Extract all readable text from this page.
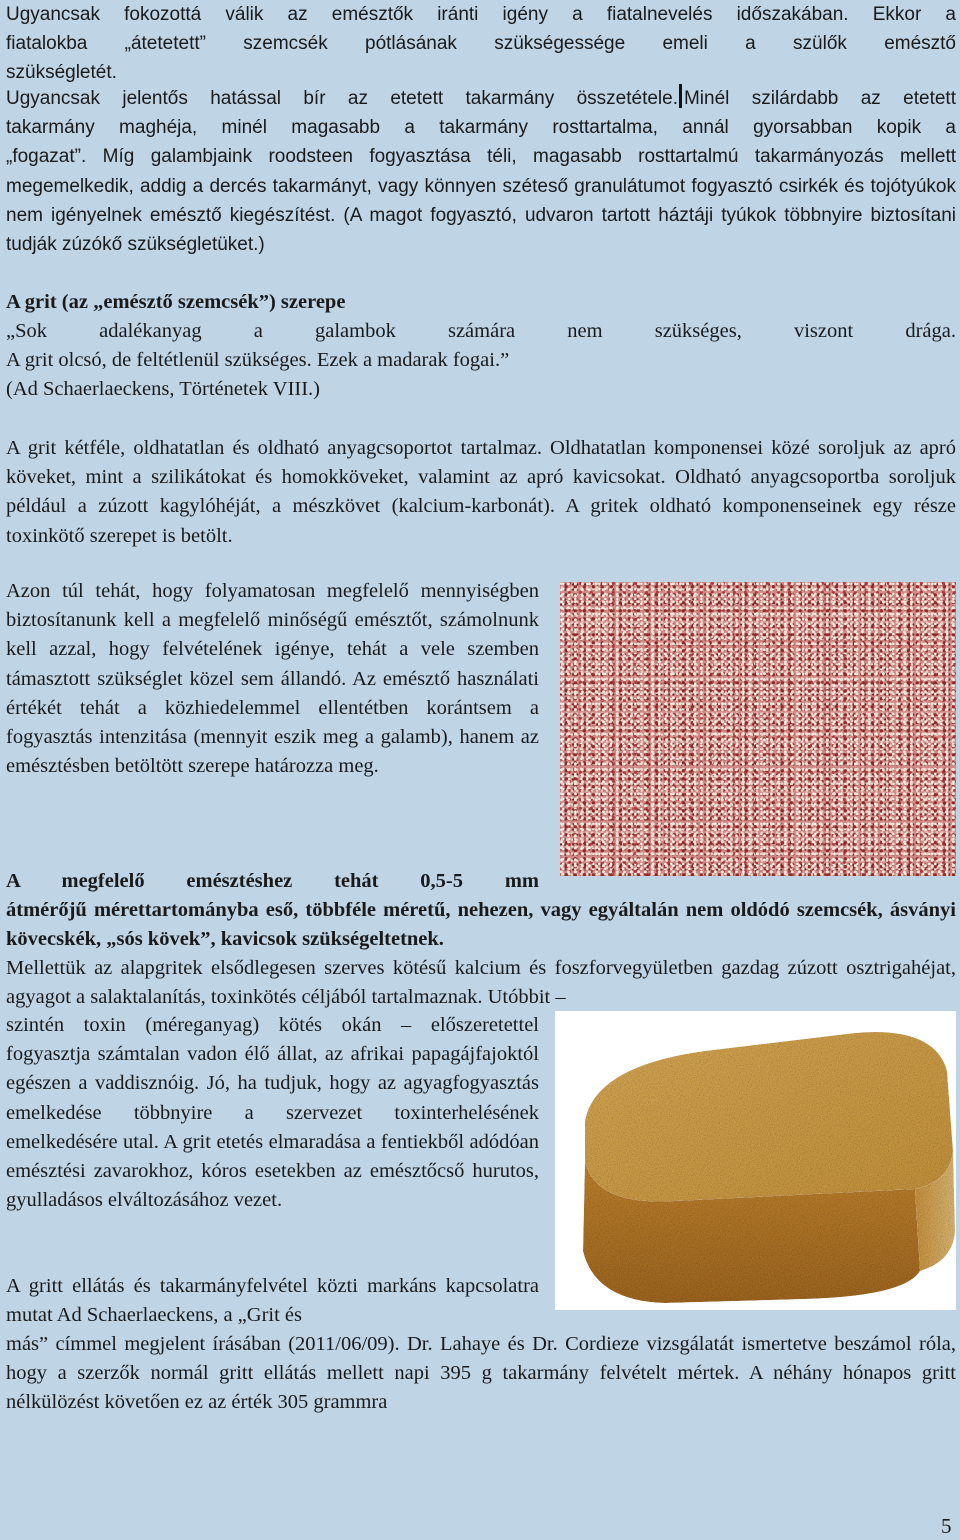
Ugyancsak fokozottá válik az emésztők iránti igény a fiatalnevelés időszakában. Ekkor a

fiatalokba „átetetett” szemcsék pótlásának szükségessége emeli a szülők emésztő

szükségletét.

Ugyancsak jelentős hatással bír az etetett takarmány összetétele. Minél szilárdabb az etetett

takarmány maghéja, minél magasabb a takarmány rosttartalma, annál gyorsabban kopik a

„fogazat”. Míg galambjaink roodsteen fogyasztása téli, magasabb rosttartalmú takarmányozás mellett megemelkedik, addig a dercés takarmányt, vagy könnyen széteső granulátumot fogyasztó csirkék és tojótyúkok nem igényelnek emésztő kiegészítést. (A magot fogyasztó, udvaron tartott háztáji tyúkok többnyire biztosítani tudják zúzókő szükségletüket.)

A grit (az „emésztő szemcsék”) szerepe

„Sok adalékanyag a galambok számára nem szükséges, viszont drága.

A grit olcsó, de feltétlenül szükséges. Ezek a madarak fogai.”

(Ad Schaerlaeckens, Történetek VIII.)

A grit kétféle, oldhatatlan és oldható anyagcsoportot tartalmaz. Oldhatatlan komponensei közé soroljuk az apró köveket, mint a szilikátokat és homokköveket, valamint az apró kavicsokat. Oldható anyagcsoportba soroljuk például a zúzott kagylóhéját, a mészkövet (kalcium-karbonát). A gritek oldható komponenseinek egy része toxinkötő szerepet is betölt.

Azon túl tehát, hogy folyamatosan megfelelő mennyiségben biztosítanunk kell a megfelelő minőségű emésztőt, számolnunk kell azzal, hogy felvételének igénye, tehát a vele szemben támasztott szükséglet közel sem állandó. Az emésztő használati értékét tehát a közhiedelemmel ellentétben korántsem a fogyasztás intenzitása (mennyit eszik meg a galamb), hanem az emésztésben betöltött szerepe határozza meg.

A megfelelő emésztéshez tehát 0,5-5 mm

átmérőjű mérettartományba eső, többféle méretű, nehezen, vagy egyáltalán nem oldódó szemcsék, ásványi kövecskék, „sós kövek”, kavicsok szükségeltetnek.

Mellettük az alapgritek elsődlegesen szerves kötésű kalcium és foszforvegyületben gazdag zúzott osztrigahéjat, agyagot a salaktalanítás, toxinkötés céljából tartalmaznak. Utóbbit –

szintén toxin (méreganyag) kötés okán – előszeretettel fogyasztja számtalan vadon élő állat, az afrikai papagájfajoktól egészen a vaddisznóig. Jó, ha tudjuk, hogy az agyagfogyasztás emelkedése többnyire a szervezet toxinterhelésének emelkedésére utal. A grit etetés elmaradása a fentiekből adódóan emésztési zavarokhoz, kóros esetekben az emésztőcső hurutos, gyulladásos elváltozásához vezet.

A gritt ellátás és takarmányfelvétel közti markáns kapcsolatra mutat Ad Schaerlaeckens, a „Grit és

más” címmel megjelent írásában (2011/06/09). Dr. Lahaye és Dr. Cordieze vizsgálatát ismertetve beszámol róla, hogy a szerzők normál gritt ellátás mellett napi 395 g takarmány felvételt mértek. A néhány hónapos gritt nélkülözést követően ez az érték 305 grammra

5
